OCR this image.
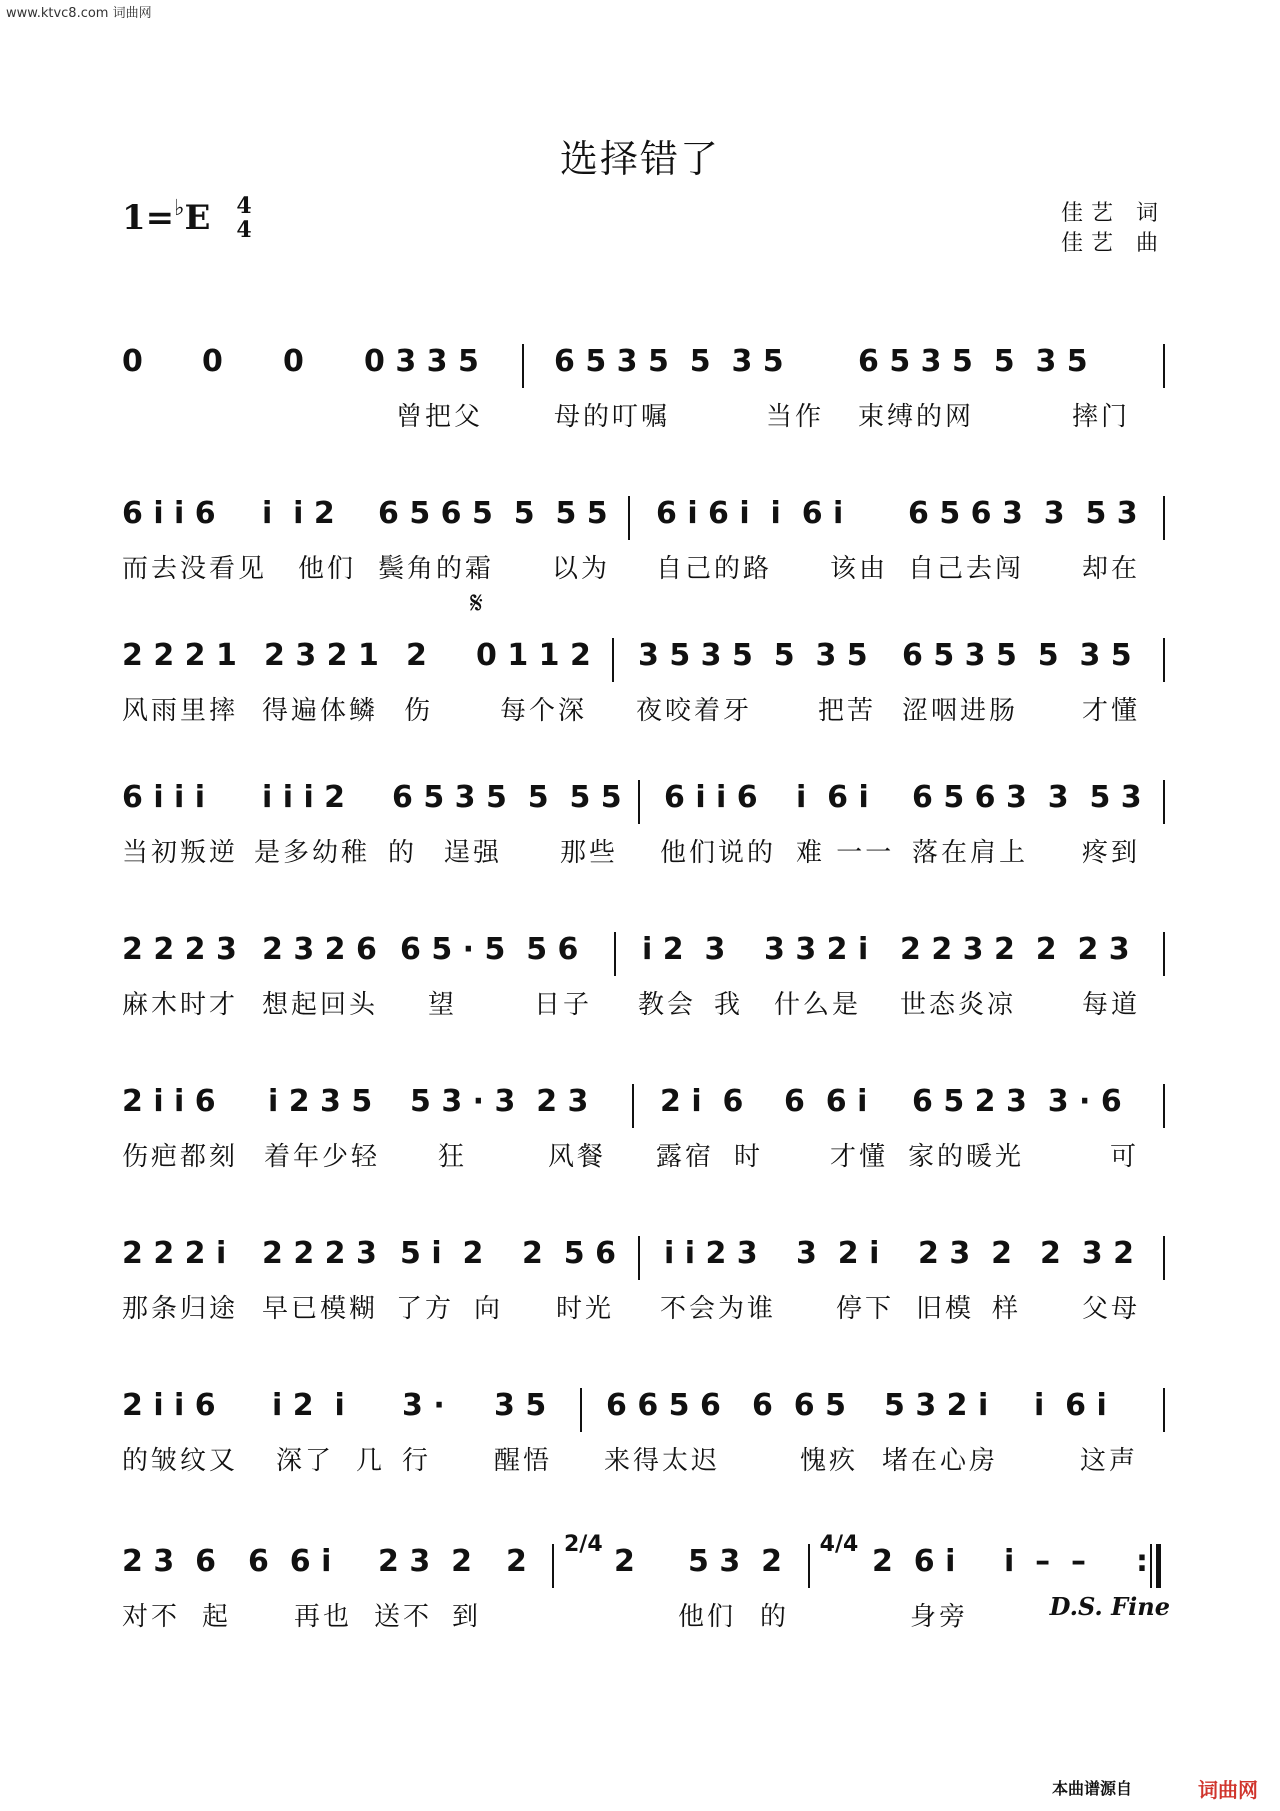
www.ktvc8.com 词曲网
选择错了
1=♭E 4
4
佳艺 词
佳艺 曲
0 0 0 0 3 3 5	6 5 3 5  5  3 5 6 5 3 5  5  3 5
曾把父	母的叮嘱	当作 束缚的网	摔门
6 i i 6 i  i 2 6 5 6 5  5  5 5 6 i 6 i  i  6 i 6 5 6 3  3  5 3
而去没看见 他们 鬓角的霜 以为 自己的路 该由 自己去闯 却在
𝄋
2 2 2 1 2 3 2 1 2 0 1 1 2 3 5 3 5  5  3 5 6 5 3 5  5  3 5
风雨里摔 得遍体鳞 伤	每个深 夜咬着牙	把苦 涩咽进肠 才懂
6 i i i i i i 2 6 5 3 5  5  5 5 6 i i 6 i  6 i 6 5 6 3  3  5 3
当初叛逆 是多幼稚 的 逞强 那些 他们说的 难 一一 落在肩上 疼到
2 2 2 3 2 3 2 6 6 5 · 5  5 6 i 2  3 3 3 2 i 2 2 3 2  2  2 3
麻木时才 想起回头 望	日子 教会 我 什么是 世态炎凉	每道
2 i i 6 i 2 3 5 5 3 · 3  2 3 2 i  6 6  6 i 6 5 2 3  3 · 6
伤疤都刻 着年少轻 狂	风餐 露宿 时	才懂 家的暖光	可
2 2 2 i 2 2 2 3 5 i  2 2  5 6 i i 2 3 3  2 i 2 3  2 2  3 2
那条归途 早已模糊 了方 向 时光 不会为谁 停下 旧模 样 父母
2 i i 6 i 2  i 3 · 3 5 6 6 5 6 6  6 5 5 3 2 i i  6 i
的皱纹又 深了 几 行 醒悟 来得太迟	愧疚 堵在心房	这声
2 3  6 6  6 i 2 3  2 2 2/4 2 5 3  2 4/4 2  6 i i  –  – :
对不 起 再也 送不 到	他们 的	身旁	D.S. Fine
本曲谱源自	词曲网
